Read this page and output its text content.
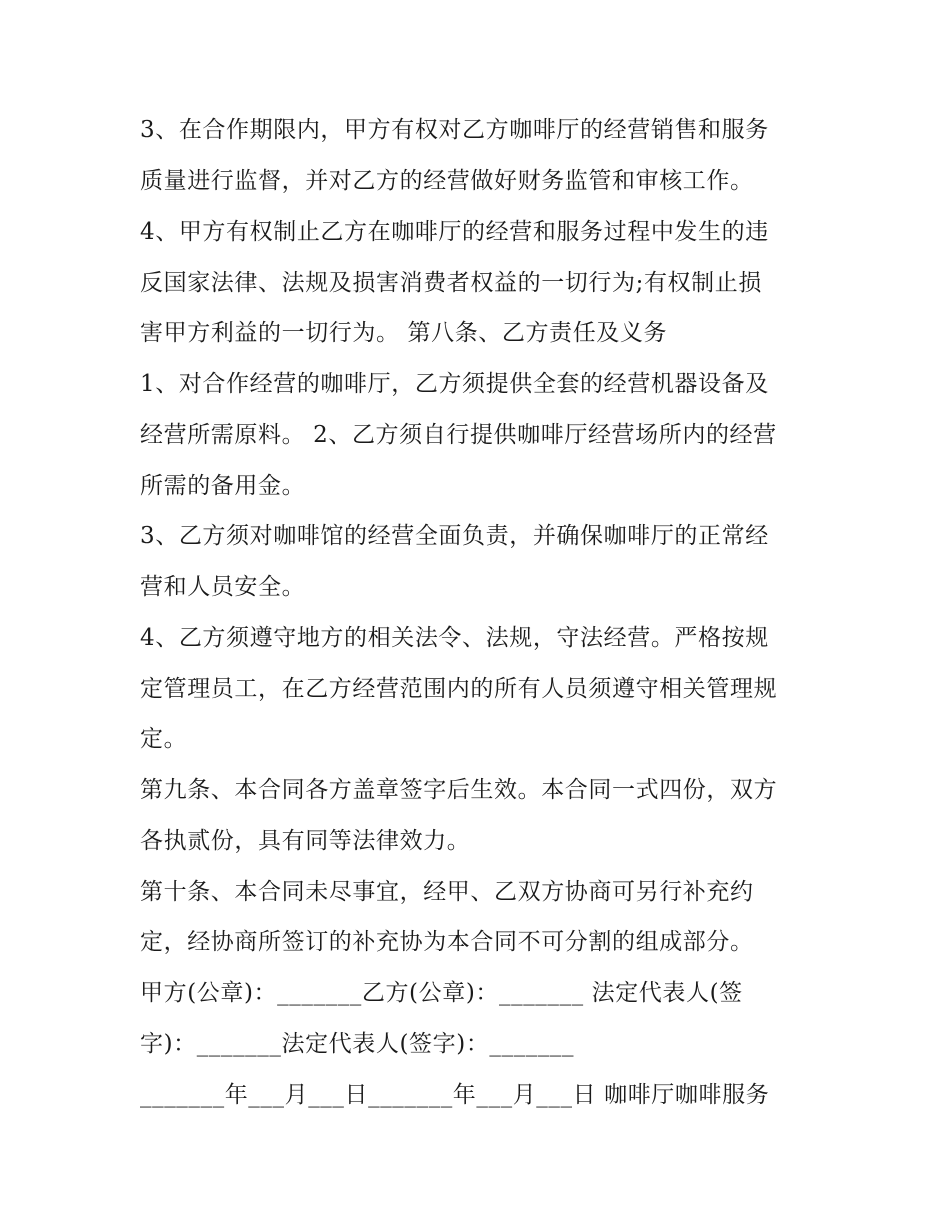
3、在合作期限内，甲方有权对乙方咖啡厅的经营销售和服务
质量进行监督，并对乙方的经营做好财务监管和审核工作。
4、甲方有权制止乙方在咖啡厅的经营和服务过程中发生的违
反国家法律、法规及损害消费者权益的一切行为;有权制止损
害甲方利益的一切行为。 第八条、乙方责任及义务
1、对合作经营的咖啡厅，乙方须提供全套的经营机器设备及
经营所需原料。 2、乙方须自行提供咖啡厅经营场所内的经营
所需的备用金。
3、乙方须对咖啡馆的经营全面负责，并确保咖啡厅的正常经
营和人员安全。
4、乙方须遵守地方的相关法令、法规，守法经营。严格按规
定管理员工，在乙方经营范围内的所有人员须遵守相关管理规
定。
第九条、本合同各方盖章签字后生效。本合同一式四份，双方
各执贰份，具有同等法律效力。
第十条、本合同未尽事宜，经甲、乙双方协商可另行补充约
定，经协商所签订的补充协为本合同不可分割的组成部分。
甲方(公章)：_______乙方(公章)：_______ 法定代表人(签
字)：_______法定代表人(签字)：_______
_______年___月___日_______年___月___日 咖啡厅咖啡服务
